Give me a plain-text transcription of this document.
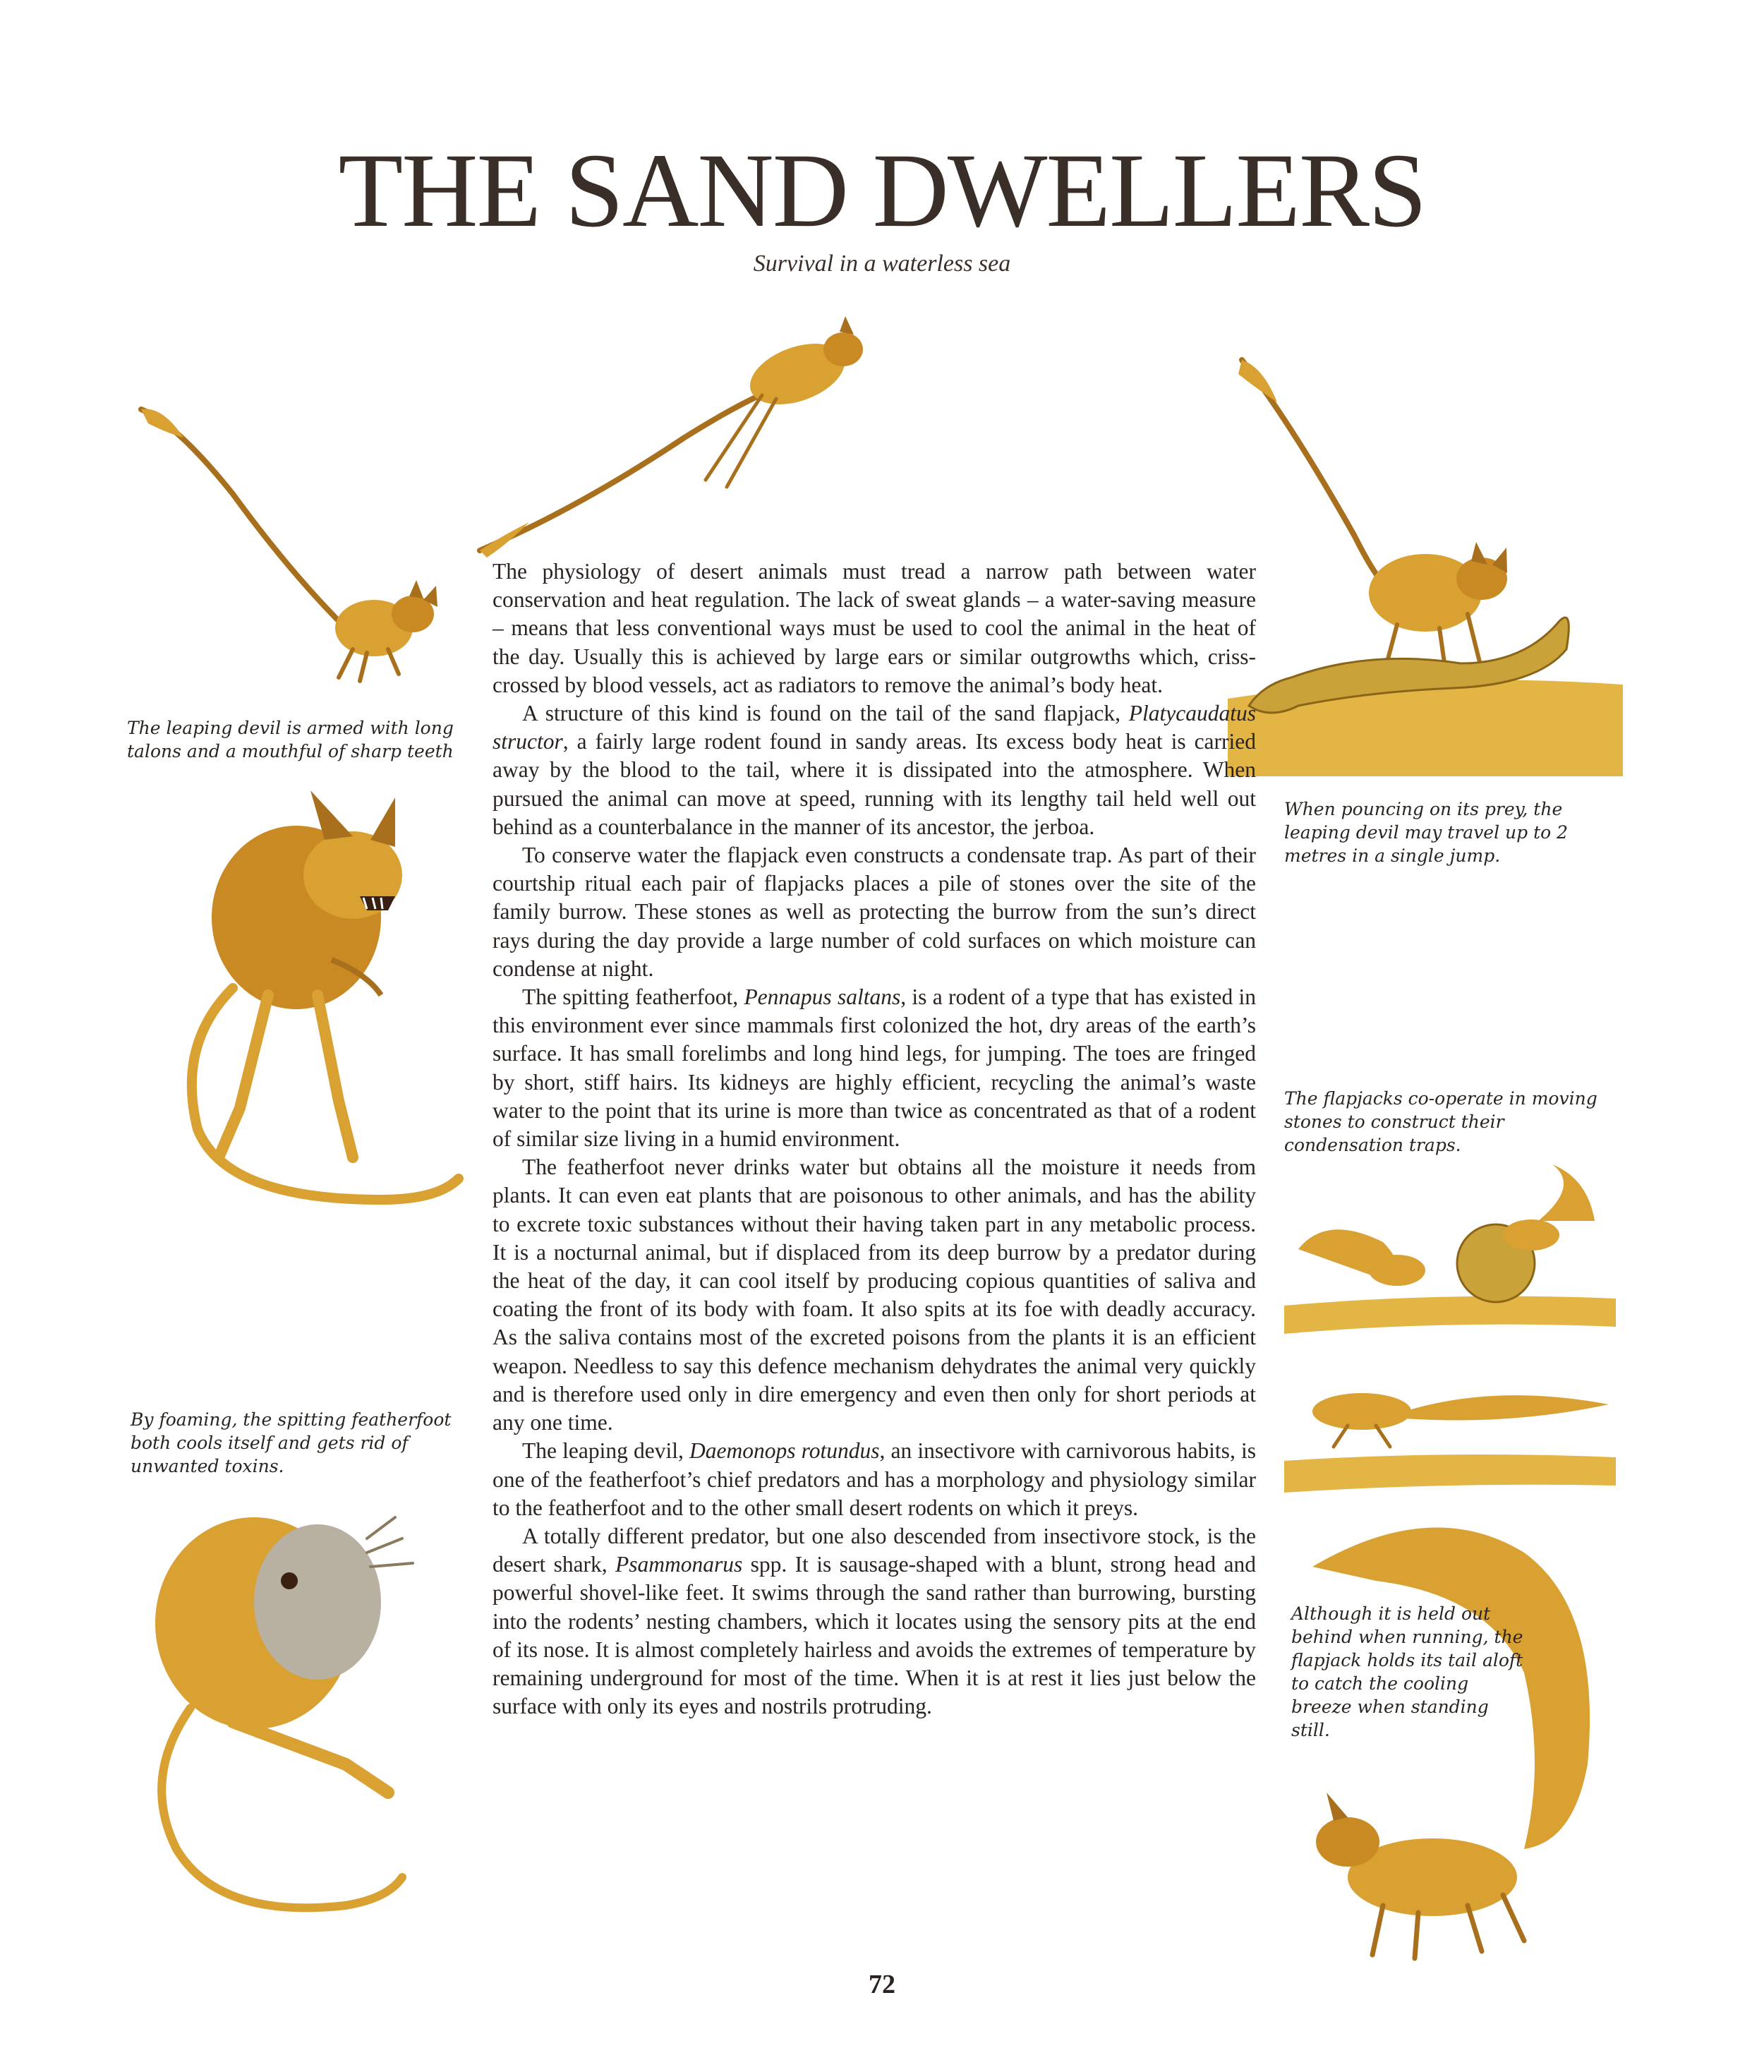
THE SAND DWELLERS
Survival in a waterless sea
The leaping devil is armed with long talons and a mouthful of sharp teeth
When pouncing on its prey, the leaping devil may travel up to 2 metres in a single jump.
The flapjacks co-operate in moving stones to construct their condensation traps.
By foaming, the spitting featherfoot both cools itself and gets rid of unwanted toxins.
Although it is held out behind when running, the flapjack holds its tail aloft to catch the cooling breeze when standing still.

The physiology of desert animals must tread a narrow path between water conservation and heat regulation. The lack of sweat glands – a water-saving measure – means that less conventional ways must be used to cool the animal in the heat of the day. Usually this is achieved by large ears or similar outgrowths which, criss-crossed by blood vessels, act as radiators to remove the animal’s body heat.

A structure of this kind is found on the tail of the sand flapjack, Platycaudatus structor, a fairly large rodent found in sandy areas. Its excess body heat is carried away by the blood to the tail, where it is dissipated into the atmosphere. When pursued the animal can move at speed, running with its lengthy tail held well out behind as a counterbalance in the manner of its ancestor, the jerboa.

To conserve water the flapjack even constructs a condensate trap. As part of their courtship ritual each pair of flapjacks places a pile of stones over the site of the family burrow. These stones as well as protecting the burrow from the sun’s direct rays during the day provide a large number of cold surfaces on which moisture can condense at night.

The spitting featherfoot, Pennapus saltans, is a rodent of a type that has existed in this environment ever since mammals first colonized the hot, dry areas of the earth’s surface. It has small forelimbs and long hind legs, for jumping. The toes are fringed by short, stiff hairs. Its kidneys are highly efficient, recycling the animal’s waste water to the point that its urine is more than twice as concentrated as that of a rodent of similar size living in a humid environment.

The featherfoot never drinks water but obtains all the moisture it needs from plants. It can even eat plants that are poisonous to other animals, and has the ability to excrete toxic substances without their having taken part in any metabolic process. It is a nocturnal animal, but if displaced from its deep burrow by a predator during the heat of the day, it can cool itself by producing copious quantities of saliva and coating the front of its body with foam. It also spits at its foe with deadly accuracy. As the saliva contains most of the excreted poisons from the plants it is an efficient weapon. Needless to say this defence mechanism dehydrates the animal very quickly and is therefore used only in dire emergency and even then only for short periods at any one time.

The leaping devil, Daemonops rotundus, an insectivore with carnivorous habits, is one of the featherfoot’s chief predators and has a morphology and physiology similar to the featherfoot and to the other small desert rodents on which it preys.

A totally different predator, but one also descended from insectivore stock, is the desert shark, Psammonarus spp. It is sausage-shaped with a blunt, strong head and powerful shovel-like feet. It swims through the sand rather than burrowing, bursting into the rodents’ nesting chambers, which it locates using the sensory pits at the end of its nose. It is almost completely hairless and avoids the extremes of temperature by remaining underground for most of the time. When it is at rest it lies just below the surface with only its eyes and nostrils protruding.

72
